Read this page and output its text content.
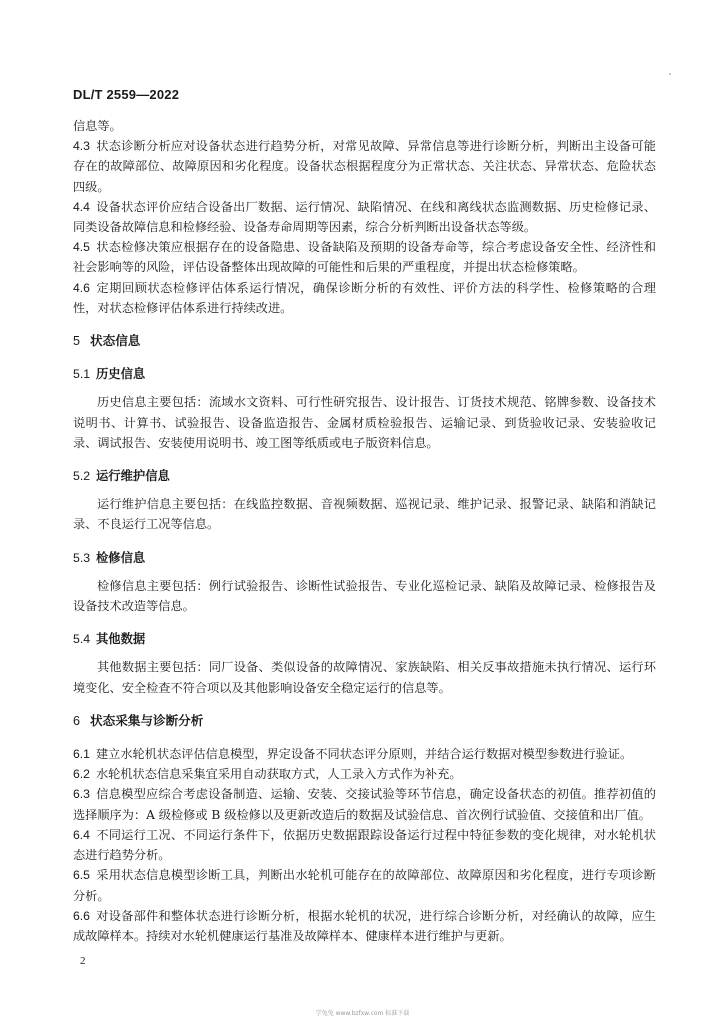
DL/T 2559—2022

信息等。

4.3 状态诊断分析应对设备状态进行趋势分析，对常见故障、异常信息等进行诊断分析，判断出主设备可能存在的故障部位、故障原因和劣化程度。设备状态根据程度分为正常状态、关注状态、异常状态、危险状态四级。

4.4 设备状态评价应结合设备出厂数据、运行情况、缺陷情况、在线和离线状态监测数据、历史检修记录、同类设备故障信息和检修经验、设备寿命周期等因素，综合分析判断出设备状态等级。

4.5 状态检修决策应根据存在的设备隐患、设备缺陷及预期的设备寿命等，综合考虑设备安全性、经济性和社会影响等的风险，评估设备整体出现故障的可能性和后果的严重程度，并提出状态检修策略。

4.6 定期回顾状态检修评估体系运行情况，确保诊断分析的有效性、评价方法的科学性、检修策略的合理性，对状态检修评估体系进行持续改进。

5 状态信息
5.1 历史信息

历史信息主要包括：流域水文资料、可行性研究报告、设计报告、订货技术规范、铭牌参数、设备技术说明书、计算书、试验报告、设备监造报告、金属材质检验报告、运输记录、到货验收记录、安装验收记录、调试报告、安装使用说明书、竣工图等纸质或电子版资料信息。

5.2 运行维护信息

运行维护信息主要包括：在线监控数据、音视频数据、巡视记录、维护记录、报警记录、缺陷和消缺记录、不良运行工况等信息。

5.3 检修信息

检修信息主要包括：例行试验报告、诊断性试验报告、专业化巡检记录、缺陷及故障记录、检修报告及设备技术改造等信息。

5.4 其他数据

其他数据主要包括：同厂设备、类似设备的故障情况、家族缺陷、相关反事故措施未执行情况、运行环境变化、安全检查不符合项以及其他影响设备安全稳定运行的信息等。

6 状态采集与诊断分析

6.1 建立水轮机状态评估信息模型，界定设备不同状态评分原则，并结合运行数据对模型参数进行验证。

6.2 水轮机状态信息采集宜采用自动获取方式，人工录入方式作为补充。

6.3 信息模型应综合考虑设备制造、运输、安装、交接试验等环节信息，确定设备状态的初值。推荐初值的选择顺序为：A 级检修或 B 级检修以及更新改造后的数据及试验信息、首次例行试验值、交接值和出厂值。

6.4 不同运行工况、不同运行条件下，依据历史数据跟踪设备运行过程中特征参数的变化规律，对水轮机状态进行趋势分析。

6.5 采用状态信息模型诊断工具，判断出水轮机可能存在的故障部位、故障原因和劣化程度，进行专项诊断分析。

6.6 对设备部件和整体状态进行诊断分析，根据水轮机的状况，进行综合诊断分析，对经确认的故障，应生成故障样本。持续对水轮机健康运行基准及故障样本、健康样本进行维护与更新。

2
学兔兔 www.bzfxw.com 标准下载
